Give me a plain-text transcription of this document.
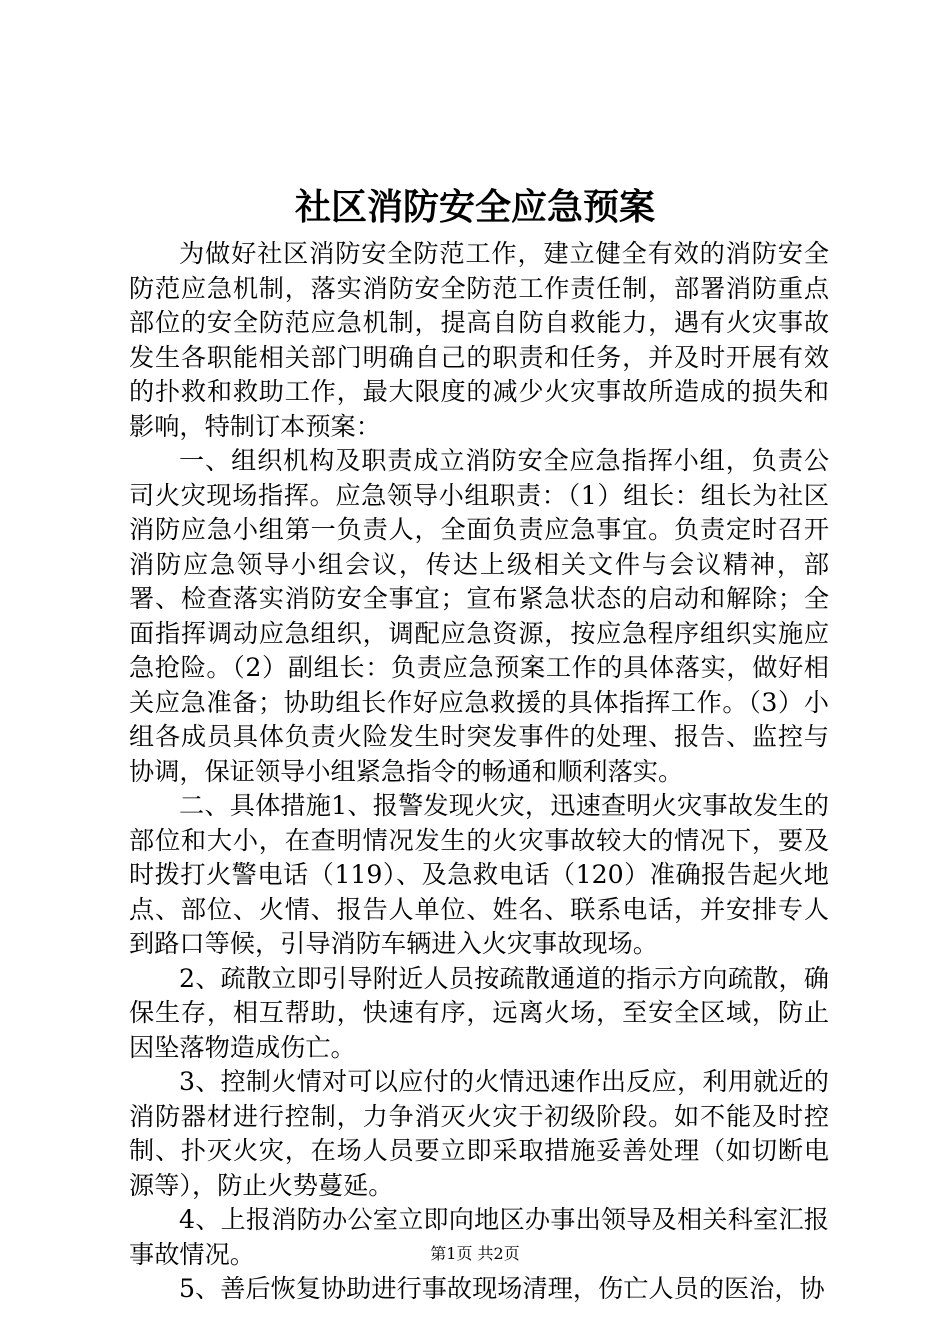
社区消防安全应急预案

为做好社区消防安全防范工作，建立健全有效的消防安全防范应急机制，落实消防安全防范工作责任制，部署消防重点部位的安全防范应急机制，提高自防自救能力，遇有火灾事故发生各职能相关部门明确自己的职责和任务，并及时开展有效的扑救和救助工作，最大限度的减少火灾事故所造成的损失和影响，特制订本预案：

一、组织机构及职责成立消防安全应急指挥小组，负责公司火灾现场指挥。应急领导小组职责：（1）组长：组长为社区消防应急小组第一负责人，全面负责应急事宜。负责定时召开消防应急领导小组会议，传达上级相关文件与会议精神，部署、检查落实消防安全事宜；宣布紧急状态的启动和解除；全面指挥调动应急组织，调配应急资源，按应急程序组织实施应急抢险。（2）副组长：负责应急预案工作的具体落实，做好相关应急准备；协助组长作好应急救援的具体指挥工作。（3）小组各成员具体负责火险发生时突发事件的处理、报告、监控与协调，保证领导小组紧急指令的畅通和顺利落实。

二、具体措施1、报警发现火灾，迅速查明火灾事故发生的部位和大小，在查明情况发生的火灾事故较大的情况下，要及时拨打火警电话（119）、及急救电话（120）准确报告起火地点、部位、火情、报告人单位、姓名、联系电话，并安排专人到路口等候，引导消防车辆进入火灾事故现场。

2、疏散立即引导附近人员按疏散通道的指示方向疏散，确保生存，相互帮助，快速有序，远离火场，至安全区域，防止因坠落物造成伤亡。

3、控制火情对可以应付的火情迅速作出反应，利用就近的消防器材进行控制，力争消灭火灾于初级阶段。如不能及时控制、扑灭火灾，在场人员要立即采取措施妥善处理（如切断电源等），防止火势蔓延。

4、上报消防办公室立即向地区办事出领导及相关科室汇报事故情况。

5、善后恢复协助进行事故现场清理，伤亡人员的医治，协

第1页 共2页
